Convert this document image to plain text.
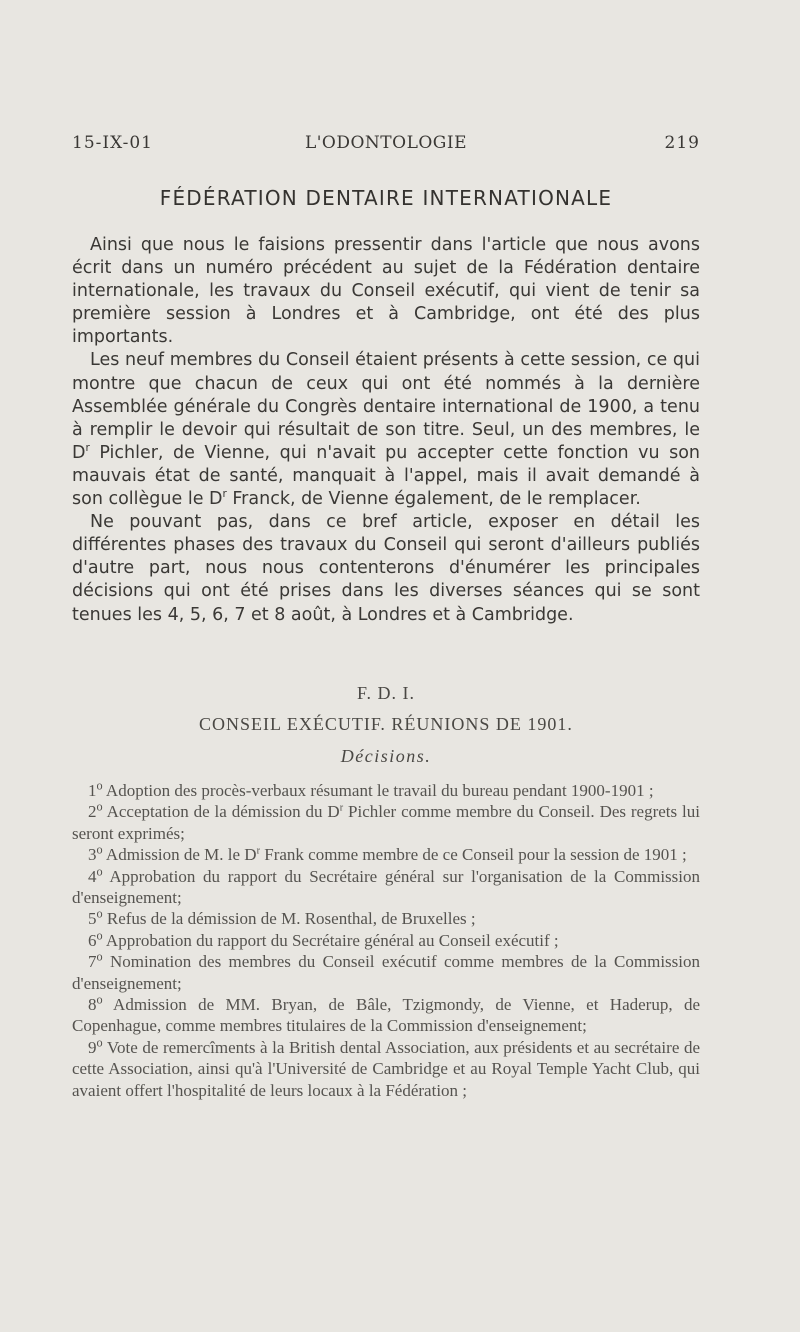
15-IX-01	L'ODONTOLOGIE	219
FÉDÉRATION DENTAIRE INTERNATIONALE

Ainsi que nous le faisions pressentir dans l'article que nous avons écrit dans un numéro précédent au sujet de la Fédération dentaire internationale, les travaux du Conseil exécutif, qui vient de tenir sa première session à Londres et à Cambridge, ont été des plus importants.

Les neuf membres du Conseil étaient présents à cette session, ce qui montre que chacun de ceux qui ont été nommés à la dernière Assemblée générale du Congrès dentaire international de 1900, a tenu à remplir le devoir qui résultait de son titre. Seul, un des membres, le $D^r$ Pichler, de Vienne, qui n'avait pu accepter cette fonction vu son mauvais état de santé, manquait à l'appel, mais il avait demandé à son collègue le $D^r$ Franck, de Vienne également, de le remplacer.

Ne pouvant pas, dans ce bref article, exposer en détail les différentes phases des travaux du Conseil qui seront d'ailleurs publiés d'autre part, nous nous contenterons d'énumérer les principales décisions qui ont été prises dans les diverses séances qui se sont tenues les 4, 5, 6, 7 et 8 août, à Londres et à Cambridge.

F. D. I.
CONSEIL EXÉCUTIF. RÉUNIONS DE 1901.
Décisions.

1$^o$ Adoption des procès-verbaux résumant le travail du bureau pendant 1900-1901 ;

2$^o$ Acceptation de la démission du $D^r$ Pichler comme membre du Conseil. Des regrets lui seront exprimés;

3$^o$ Admission de M. le $D^r$ Frank comme membre de ce Conseil pour la session de 1901 ;

4$^o$ Approbation du rapport du Secrétaire général sur l'organisation de la Commission d'enseignement;

5$^o$ Refus de la démission de M. Rosenthal, de Bruxelles ;

6$^o$ Approbation du rapport du Secrétaire général au Conseil exécutif ;

7$^o$ Nomination des membres du Conseil exécutif comme membres de la Commission d'enseignement;

8$^o$ Admission de MM. Bryan, de Bâle, Tzigmondy, de Vienne, et Haderup, de Copenhague, comme membres titulaires de la Commission d'enseignement;

9$^o$ Vote de remercîments à la British dental Association, aux présidents et au secrétaire de cette Association, ainsi qu'à l'Université de Cambridge et au Royal Temple Yacht Club, qui avaient offert l'hospitalité de leurs locaux à la Fédération ;
